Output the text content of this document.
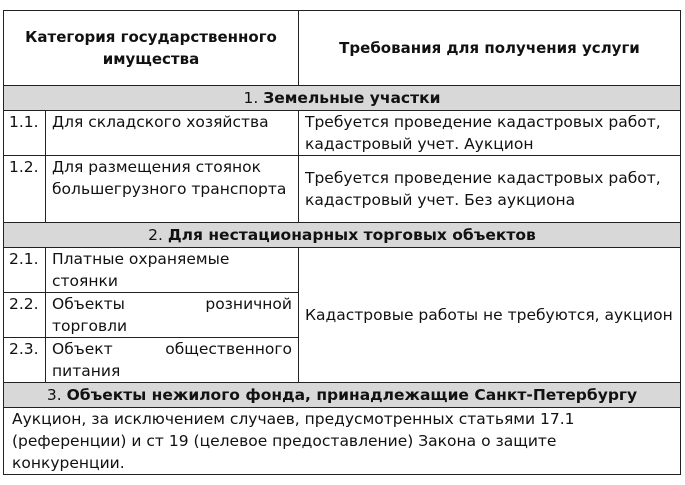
Категория государственного имущества		Требования для получения услуги
1. Земельные участки		
1.1.	Для складского хозяйства	Требуется проведение кадастровых работ, кадастровый учет. Аукцион
1.2.	Для размещения стоянок большегрузного транспорта	Требуется проведение кадастровых работ, кадастровый учет. Без аукциона
2. Для нестационарных торговых объектов		
2.1.	Платные охраняемые стоянки	Кадастровые работы не требуются, аукцион
2.2.	Объекты розничной торговли	
2.3.	Объект общественного питания	
3. Объекты нежилого фонда, принадлежащие Санкт-Петербургу		
Аукцион, за исключением случаев, предусмотренных статьями 17.1 (референции) и ст 19 (целевое предоставление) Закона о защите конкуренции.		
